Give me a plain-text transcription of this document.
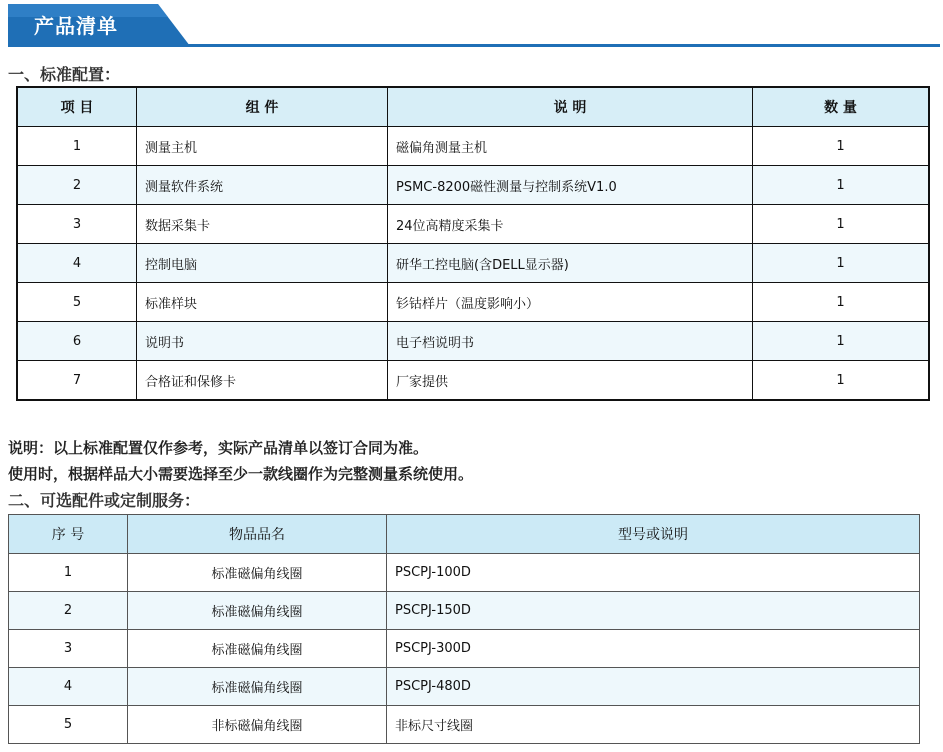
产品清单
一、标准配置：
项 目	组 件	说 明	数 量
1	测量主机	磁偏角测量主机	1
2	测量软件系统	PSMC-8200磁性测量与控制系统V1.0	1
3	数据采集卡	24位高精度采集卡	1
4	控制电脑	研华工控电脑(含DELL显示器)	1
5	标准样块	钐钴样片（温度影响小）	1
6	说明书	电子档说明书	1
7	合格证和保修卡	厂家提供	1
说明：以上标准配置仅作参考，实际产品清单以签订合同为准。
使用时，根据样品大小需要选择至少一款线圈作为完整测量系统使用。
二、可选配件或定制服务：
序 号	物品品名	型号或说明
1	标准磁偏角线圈	PSCPJ-100D
2	标准磁偏角线圈	PSCPJ-150D
3	标准磁偏角线圈	PSCPJ-300D
4	标准磁偏角线圈	PSCPJ-480D
5	非标磁偏角线圈	非标尺寸线圈
